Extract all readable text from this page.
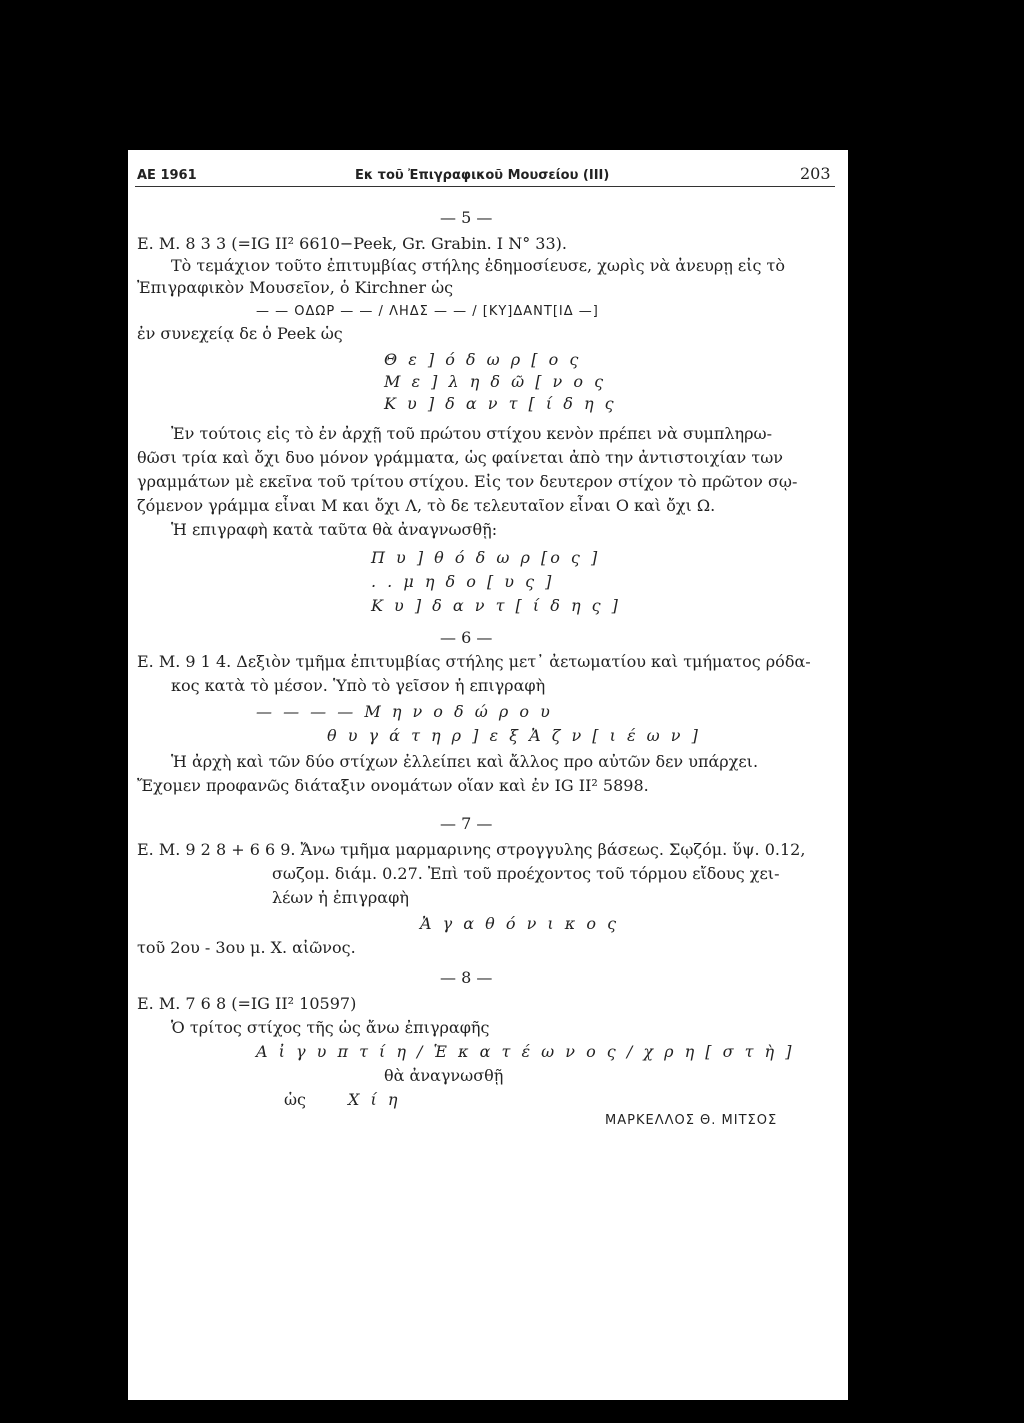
ΑΕ 1961	Εκ τοῦ Ἐπιγραφικοῦ Μουσείου (ΙΙΙ)	203
— 5 —
Ε. Μ. 8 3 3 (=IG II² 6610−Peek, Gr. Grabin. I N° 33).
Τὸ τεμάχιον τοῦτο ἐπιτυμβίας στήλης ἐδημοσίευσε, χωρὶς νὰ ἀνευρῃ εἰς τὸ
Ἐπιγραφικὸν Μουσεῖον, ὁ Kirchner ὡς
— — ΟΔΩΡ — — / ΛΗΔΣ — — / [ΚΥ]ΔΑΝΤ[ΙΔ —]
ἐν συνεχείᾳ δε ὁ Peek ὡς
Θ ε ] ό δ ω ρ [ ο ς
Μ ε ] λ η δ ῶ [ ν ο ς
Κ υ ] δ α ν τ [ ί δ η ς
Ἐν τούτοις εἰς τὸ ἐν ἀρχῇ τοῦ πρώτου στίχου κενὸν πρέπει νὰ συμπληρω-
θῶσι τρία καὶ ὄχι δυο μόνον γράμματα, ὡς φαίνεται ἀπὸ την ἀντιστοιχίαν των
γραμμάτων μὲ εκεῖνα τοῦ τρίτου στίχου. Εἰς τον δευτερον στίχον τὸ πρῶτον σῳ-
ζόμενον γράμμα εἶναι Μ και ὄχι Λ, τὸ δε τελευταῖον εἶναι Ο καὶ ὄχι Ω.
Ἡ επιγραφὴ κατὰ ταῦτα θὰ ἀναγνωσθῇ:
Π υ ] θ ό δ ω ρ [ο ς ]
. . μ η δ ο [ υ ς ]
Κ υ ] δ α ν τ [ ί δ η ς ]
— 6 —
Ε. Μ. 9 1 4. Δεξιὸν τμῆμα ἐπιτυμβίας στήλης μετ᾽ ἀετωματίου καὶ τμήματος ρόδα-
κος κατὰ τὸ μέσον. Ὑπὸ τὸ γεῖσον ἡ επιγραφὴ
— — — — Μ η ν ο δ ώ ρ ο υ
θ υ γ ά τ η ρ ] ε ξ Ἀ ζ ν [ ι έ ω ν ]
Ἡ ἀρχὴ καὶ τῶν δύο στίχων ἐλλείπει καὶ ἄλλος προ αὐτῶν δεν υπάρχει.
Ἔχομεν προφανῶς διάταξιν ονομάτων οἵαν καὶ ἐν IG II² 5898.
— 7 —
Ε. Μ. 9 2 8 + 6 6 9. Ἄνω τμῆμα μαρμαρινης στρογγυλης βάσεως. Σῳζόμ. ὕψ. 0.12,
σωζομ. διάμ. 0.27. Ἐπὶ τοῦ προέχοντος τοῦ τόρμου εἴδους χει-
λέων ἡ ἐπιγραφὴ
Ἀ γ α θ ό ν ι κ ο ς
τοῦ 2ου - 3ου μ. Χ. αἰῶνος.
— 8 —
Ε. Μ. 7 6 8 (=IG II² 10597)
Ὁ τρίτος στίχος τῆς ὡς ἄνω ἐπιγραφῆς
Α ἰ γ υ π τ ί η / Ἑ κ α τ έ ω ν ο ς / χ ρ η [ σ τ ὴ ]
θὰ ἀναγνωσθῇ
ὡς	Χ ί η
ΜΑΡΚΕΛΛΟΣ Θ. ΜΙΤΣΟΣ
